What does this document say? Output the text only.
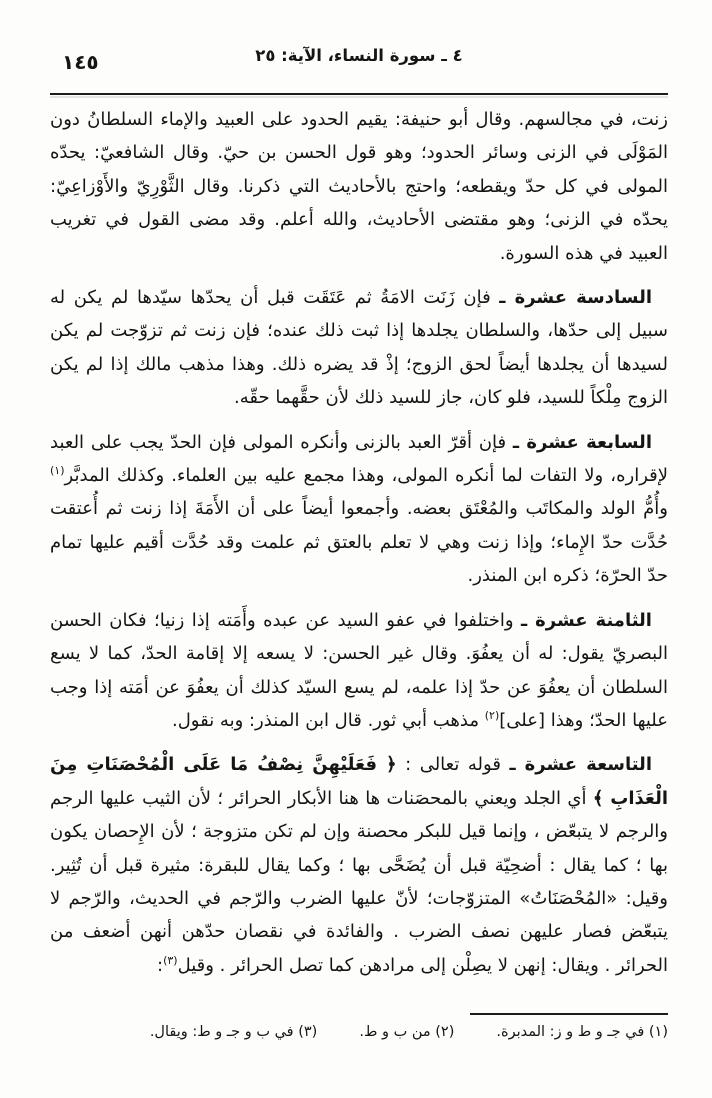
١٤٥	٤ ـ سورة النساء، الآية: ٢٥

زنت، في مجالسهم. وقال أبو حنيفة: يقيم الحدود على العبيد والإماء السلطانُ دون المَوْلَى في الزنى وسائر الحدود؛ وهو قول الحسن بن حيّ. وقال الشافعيّ: يحدّه المولى في كل حدّ ويقطعه؛ واحتج بالأحاديث التي ذكرنا. وقال الثَّوْرِيّ والأَوْزاعِيّ: يحدّه في الزنى؛ وهو مقتضى الأحاديث، والله أعلم. وقد مضى القول في تغريب العبيد في هذه السورة.

السادسة عشرة ـ فإن زَنَت الامَةُ ثم عَتَقَت قبل أن يحدّها سيّدها لم يكن له سبيل إلى حدّها، والسلطان يجلدها إذا ثبت ذلك عنده؛ فإن زنت ثم تزوّجت لم يكن لسيدها أن يجلدها أيضاً لحق الزوج؛ إذْ قد يضره ذلك. وهذا مذهب مالك إذا لم يكن الزوج مِلْكاً للسيد، فلو كان، جاز للسيد ذلك لأن حقَّهما حقّه.

السابعة عشرة ـ فإن أقرّ العبد بالزنى وأنكره المولى فإن الحدّ يجب على العبد لإقراره، ولا التفات لما أنكره المولى، وهذا مجمع عليه بين العلماء. وكذلك المدبَّر$^{(١)}$ وأُمُّ الولد والمكاتَب والمُعْتَق بعضه. وأجمعوا أيضاً على أن الأَمَةَ إذا زنت ثم أُعتقت حُدَّت حدّ الإِماء؛ وإذا زنت وهي لا تعلم بالعتق ثم علمت وقد حُدَّت أقيم عليها تمام حدّ الحرّة؛ ذكره ابن المنذر.

الثامنة عشرة ـ واختلفوا في عفو السيد عن عبده وأَمَته إذا زنيا؛ فكان الحسن البصريّ يقول: له أن يعفُوَ. وقال غير الحسن: لا يسعه إلا إقامة الحدّ، كما لا يسع السلطان أن يعفُوَ عن حدّ إذا علمه، لم يسع السيّد كذلك أن يعفُوَ عن أمَته إذا وجب عليها الحدّ؛ وهذا [على]$^{(٢)}$ مذهب أبي ثور. قال ابن المنذر: وبه نقول.

التاسعة عشرة ـ قوله تعالى : ﴿ فَعَلَيْهِنَّ نِصْفُ مَا عَلَى الْمُحْصَنَاتِ مِنَ الْعَذَابِ ﴾ أي الجلد ويعني بالمحصَنات ها هنا الأبكار الحرائر ؛ لأن الثيب عليها الرجم والرجم لا يتبعّض ، وإنما قيل للبكر محصنة وإن لم تكن متزوجة ؛ لأن الإِحصان يكون بها ؛ كما يقال : أضحِيّة قبل أن يُضَحَّى بها ؛ وكما يقال للبقرة: مثيرة قبل أن تُثِير. وقيل: «المُحْصَنَاتُ» المتزوّجات؛ لأنّ عليها الضرب والرّجم في الحديث، والرّجم لا يتبعّض فصار عليهن نصف الضرب . والفائدة في نقصان حدّهن أنهن أضعف من الحرائر . ويقال: إنهن لا يصِلْن إلى مرادهن كما تصل الحرائر . وقيل$^{(٣)}$:

(١) في جـ و ط و ز: المدبرة.
(٢) من ب و ط.
(٣) في ب و جـ و ط: ويقال.
